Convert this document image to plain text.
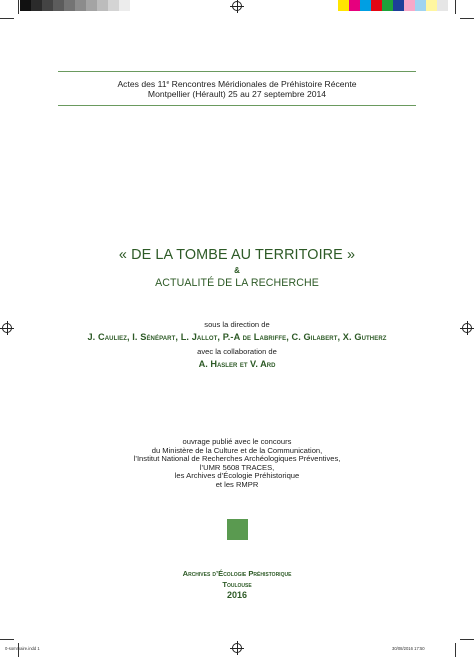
Actes des 11e Rencontres Méridionales de Préhistoire Récente
Montpellier (Hérault) 25 au 27 septembre 2014
« DE LA TOMBE AU TERRITOIRE »
&
ACTUALITÉ DE LA RECHERCHE
sous la direction de
J. Cauliez, I. Sénépart, L. Jallot, P.-A de Labriffe, C. Gilabert, X. Gutherz
avec la collaboration de
A. Hasler et V. Ard
ouvrage publié avec le concours
du Ministère de la Culture et de la Communication,
l’Institut National de Recherches Archéologiques Préventives,
l’UMR 5608 TRACES,
les Archives d’Écologie Préhistorique
et les RMPR
Archives d’Écologie Préhistorique
Toulouse
2016
0-sommaire.indd 1	30/08/2016 17:50
